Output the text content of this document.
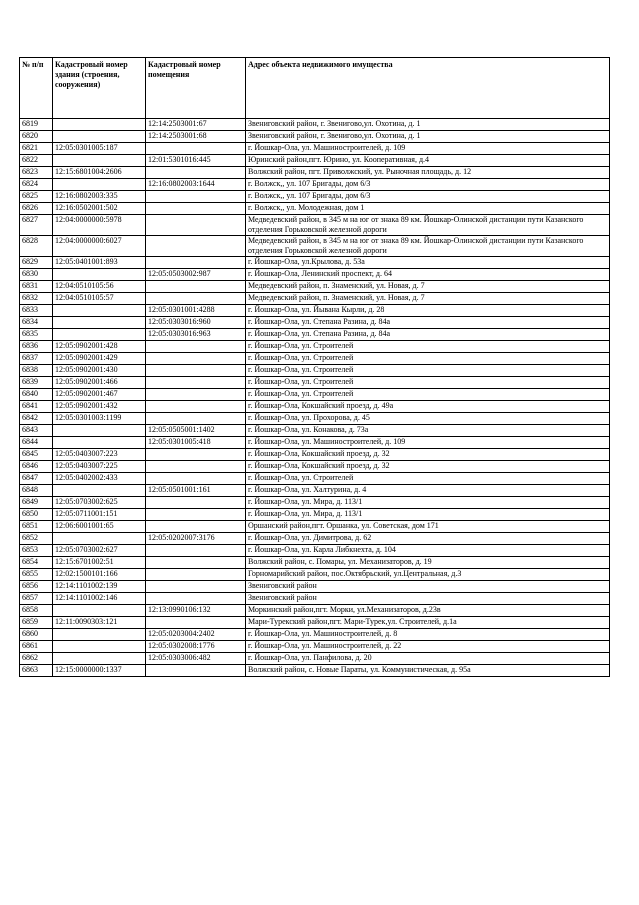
№ п/п	Кадастровый номер здания (строения, сооружения)	Кадастровый номер помещения	Адрес объекта недвижимого имущества
6819		12:14:2503001:67	Звениговский район, г. Звенигово,ул. Охотина, д. 1
6820		12:14:2503001:68	Звениговский район, г. Звенигово,ул. Охотина, д. 1
6821	12:05:0301005:187		г. Йошкар-Ола, ул. Машиностроителей, д. 109
6822		12:01:5301016:445	Юринский район,пгт. Юрино, ул. Кооперативная, д.4
6823	12:15:6801004:2606		Волжский район, пгт. Приволжский, ул. Рыночная площадь, д. 12
6824		12:16:0802003:1644	г. Волжск,, ул. 107 Бригады, дом 6/3
6825	12:16:0802003:335		г. Волжск,, ул. 107 Бригады, дом 6/3
6826	12:16:0502001:502		г. Волжск,, ул. Молодежная, дом 1
6827	12:04:0000000:5978		Медведевский район, в 345 м на юг от знака 89 км. Йошкар-Олинской дистанции пути Казанского отделения Горьковской железной дороги
6828	12:04:0000000:6027		Медведевский район, в 345 м на юг от знака 89 км. Йошкар-Олинской дистанции пути Казанского отделения Горьковской железной дороги
6829	12:05:0401001:893		г. Йошкар-Ола, ул.Крылова, д. 53а
6830		12:05:0503002:987	г. Йошкар-Ола, Ленинский проспект, д. 64
6831	12:04:0510105:56		Медведевский район, п. Знаменский, ул. Новая, д. 7
6832	12:04:0510105:57		Медведевский район, п. Знаменский, ул. Новая, д. 7
6833		12:05:0301001:4288	г. Йошкар-Ола, ул. Йывана Кырли, д. 28
6834		12:05:0303016:960	г. Йошкар-Ола, ул. Степана Разина, д. 84а
6835		12:05:0303016:963	г. Йошкар-Ола, ул. Степана Разина, д. 84а
6836	12:05:0902001:428		г. Йошкар-Ола, ул. Строителей
6837	12:05:0902001:429		г. Йошкар-Ола, ул. Строителей
6838	12:05:0902001:430		г. Йошкар-Ола, ул. Строителей
6839	12:05:0902001:466		г. Йошкар-Ола, ул. Строителей
6840	12:05:0902001:467		г. Йошкар-Ола, ул. Строителей
6841	12:05:0902001:432		г. Йошкар-Ола, Кокшайский проезд, д. 49а
6842	12:05:0301003:1199		г. Йошкар-Ола, ул. Прохорова, д. 45
6843		12:05:0505001:1402	г. Йошкар-Ола, ул. Конакова, д. 73а
6844		12:05:0301005:418	г. Йошкар-Ола, ул. Машиностроителей, д. 109
6845	12:05:0403007:223		г. Йошкар-Ола, Кокшайский проезд, д. 32
6846	12:05:0403007:225		г. Йошкар-Ола, Кокшайский проезд, д. 32
6847	12:05:0402002:433		г. Йошкар-Ола, ул. Строителей
6848		12:05:0501001:161	г. Йошкар-Ола, ул. Халтурина, д. 4
6849	12:05:0703002:625		г. Йошкар-Ола, ул. Мира, д. 113/1
6850	12:05:0711001:151		г. Йошкар-Ола, ул. Мира, д. 113/1
6851	12:06:6001001:65		Оршанский район,пгт. Оршанка, ул. Советская, дом 171
6852		12:05:0202007:3176	г. Йошкар-Ола, ул. Димитрова, д. 62
6853	12:05:0703002:627		г. Йошкар-Ола, ул. Карла Либкнехта, д. 104
6854	12:15:6701002:51		Волжский район, с. Помары, ул. Механизаторов, д. 19
6855	12:02:1500101:166		Горномарийский район, пос.Октябрьский, ул.Центральная, д.3
6856	12:14:1101002:139		Звениговский район
6857	12:14:1101002:146		Звениговский район
6858		12:13:0990106:132	Моркинский район,пгт. Морки, ул.Механизаторов, д.23в
6859	12:11:0090303:121		Мари-Турекский район,пгт. Мари-Турек,ул. Строителей, д.1а
6860		12:05:0203004:2402	г. Йошкар-Ола, ул. Машиностроителей, д. 8
6861		12:05:0302008:1776	г. Йошкар-Ола, ул. Машиностроителей, д. 22
6862		12:05:0303006:482	г. Йошкар-Ола, ул. Панфилова, д. 20
6863	12:15:0000000:1337		Волжский район, с. Новые Параты, ул. Коммунистическая, д. 95а
